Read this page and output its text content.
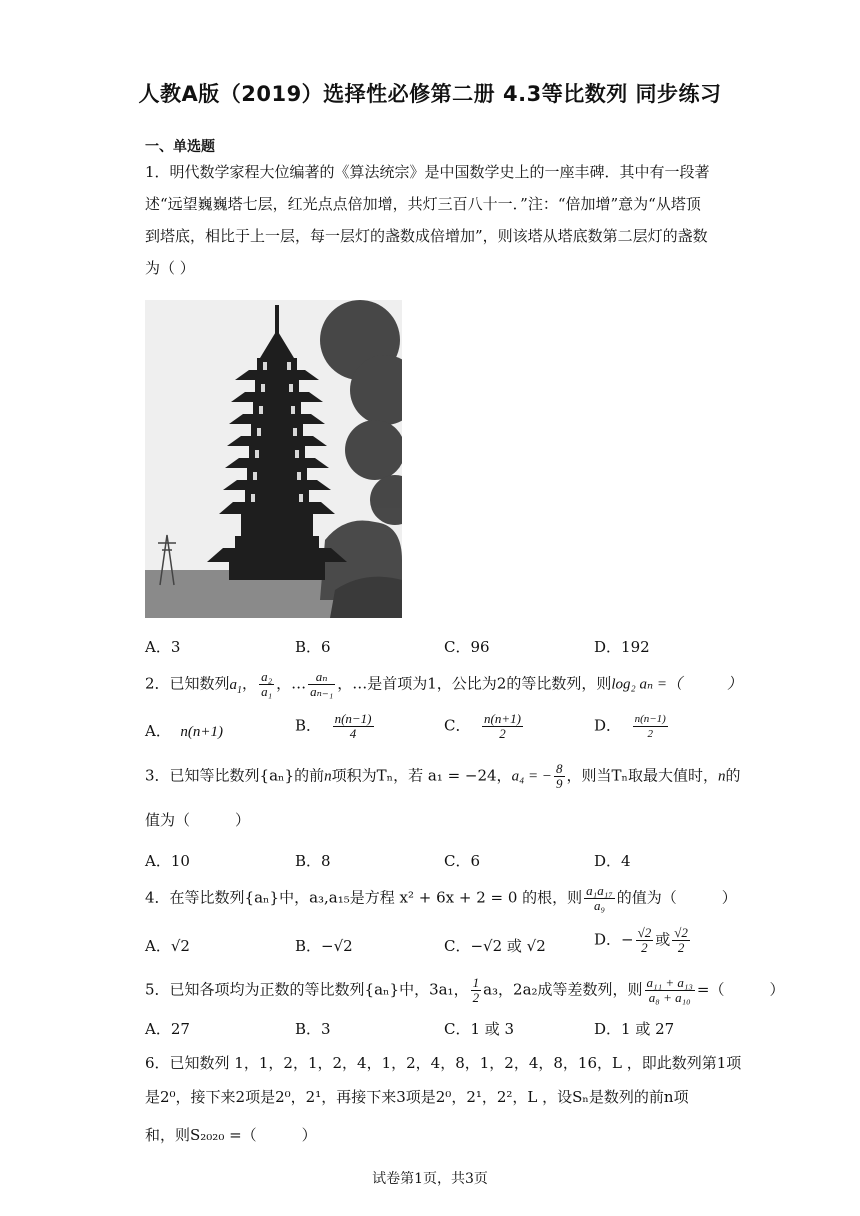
人教A版（2019）选择性必修第二册 4.3等比数列 同步练习
一、单选题
1．明代数学家程大位编著的《算法统宗》是中国数学史上的一座丰碑．其中有一段著
述“远望巍巍塔七层，红光点点倍加增，共灯三百八十一．”注：“倍加增”意为“从塔顶
到塔底，相比于上一层，每一层灯的盏数成倍增加”，则该塔从塔底数第二层灯的盏数
为（ ）
A．3	B．6	C．96	D．192
2．已知数列$a_1$， $\frac{\text{a₂}}{\text{a₁}}$ ，… $\frac{\text{aₙ}}{\text{aₙ₋₁}}$ ，…是首项为1，公比为2的等比数列，则log₂ aₙ =（　　　）
A． n(n+1)	B． $\frac{n(n-1)}{4}$	C． $\frac{n(n+1)}{2}$	D． $\frac{n(n-1)}{2}$
3．已知等比数列{aₙ}的前n项积为Tₙ，若 a₁ = −24，a₄ = − $\frac{8}{9}$ ，则当Tₙ取最大值时，n的
值为（　　　）
A．10	B．8	C．6	D．4
4．在等比数列{aₙ}中，a₃,a₁₅是方程 x² + 6x + 2 = 0 的根，则 $\frac{\text{a₁a₁₇}}{\text{a₉}}$ 的值为（　　　）
A．√2	B．−√2	C．−√2 或 √2	D．− $\frac{√2}{2}$ 或 $\frac{√2}{2}$
5．已知各项均为正数的等比数列{aₙ}中，3a₁， $\frac{1}{2} a_3$，2a₂成等差数列，则 $\frac{\text{a₁₁ + a₁₃}}{\text{a₈ + a₁₀}}$ =（　　　）
A．27	B．3	C．1 或 3	D．1 或 27
6．已知数列 1，1，2，1，2，4，1，2，4，8，1，2，4，8，16，L ，即此数列第1项
是2⁰，接下来2项是2⁰，2¹，再接下来3项是2⁰，2¹，2²，L ，设Sₙ是数列的前n项
和，则S₂₀₂₀ =（　　　）
试卷第1页，共3页
